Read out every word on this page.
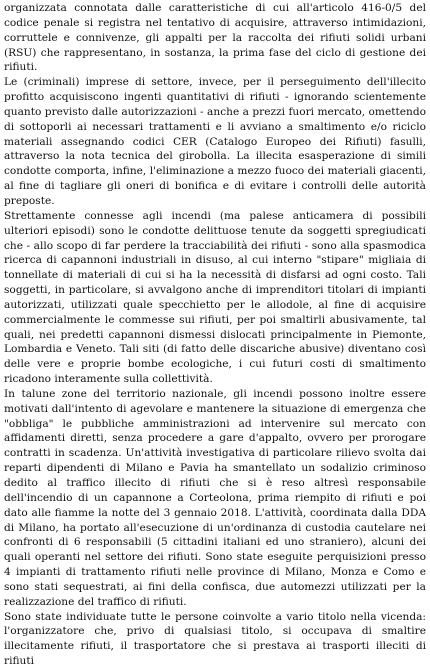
organizzata connotata dalle caratteristiche di cui all'articolo 416-0/5 del codice penale si registra nel tentativo di acquisire, attraverso intimidazioni, corruttele e connivenze, gli appalti per la raccolta dei rifiuti solidi urbani (RSU) che rappresentano, in sostanza, la prima fase del ciclo di gestione dei rifiuti.

Le (criminali) imprese di settore, invece, per il perseguimento dell'illecito profitto acquisiscono ingenti quantitativi di rifiuti - ignorando scientemente quanto previsto dalle autorizzazioni - anche a prezzi fuori mercato, omettendo di sottoporli ai necessari trattamenti e li avviano a smaltimento e/o riciclo materiali assegnando codici CER (Catalogo Europeo dei Rifiuti) fasulli, attraverso la nota tecnica del girobolla. La illecita esasperazione di simili condotte comporta, infine, l'eliminazione a mezzo fuoco dei materiali giacenti, al fine di tagliare gli oneri di bonifica e di evitare i controlli delle autorità preposte.

Strettamente connesse agli incendi (ma palese anticamera di possibili ulteriori episodi) sono le condotte delittuose tenute da soggetti spregiudicati che - allo scopo di far perdere la tracciabilità dei rifiuti - sono alla spasmodica ricerca di capannoni industriali in disuso, al cui interno "stipare" migliaia di tonnellate di materiali di cui si ha la necessità di disfarsi ad ogni costo. Tali soggetti, in particolare, si avvalgono anche di imprenditori titolari di impianti autorizzati, utilizzati quale specchietto per le allodole, al fine di acquisire commercialmente le commesse sui rifiuti, per poi smaltirli abusivamente, tal quali, nei predetti capannoni dismessi dislocati principalmente in Piemonte, Lombardia e Veneto. Tali siti (di fatto delle discariche abusive) diventano così delle vere e proprie bombe ecologiche, i cui futuri costi di smaltimento ricadono interamente sulla collettività.

In talune zone del territorio nazionale, gli incendi possono inoltre essere motivati dall'intento di agevolare e mantenere la situazione di emergenza che "obbliga" le pubbliche amministrazioni ad intervenire sul mercato con affidamenti diretti, senza procedere a gare d'appalto, ovvero per prorogare contratti in scadenza. Un'attività investigativa di particolare rilievo svolta dai reparti dipendenti di Milano e Pavia ha smantellato un sodalizio criminoso dedito al traffico illecito di rifiuti che si è reso altresì responsabile dell'incendio di un capannone a Corteolona, prima riempito di rifiuti e poi dato alle fiamme la notte del 3 gennaio 2018. L'attività, coordinata dalla DDA di Milano, ha portato all'esecuzione di un'ordinanza di custodia cautelare nei confronti di 6 responsabili (5 cittadini italiani ed uno straniero), alcuni dei quali operanti nel settore dei rifiuti. Sono state eseguite perquisizioni presso 4 impianti di trattamento rifiuti nelle province di Milano, Monza e Como e sono stati sequestrati, ai fini della confisca, due automezzi utilizzati per la realizzazione del traffico di rifiuti.

Sono state individuate tutte le persone coinvolte a vario titolo nella vicenda: l'organizzatore che, privo di qualsiasi titolo, si occupava di smaltire illecitamente rifiuti, il trasportatore che si prestava ai trasporti illeciti di rifiuti
